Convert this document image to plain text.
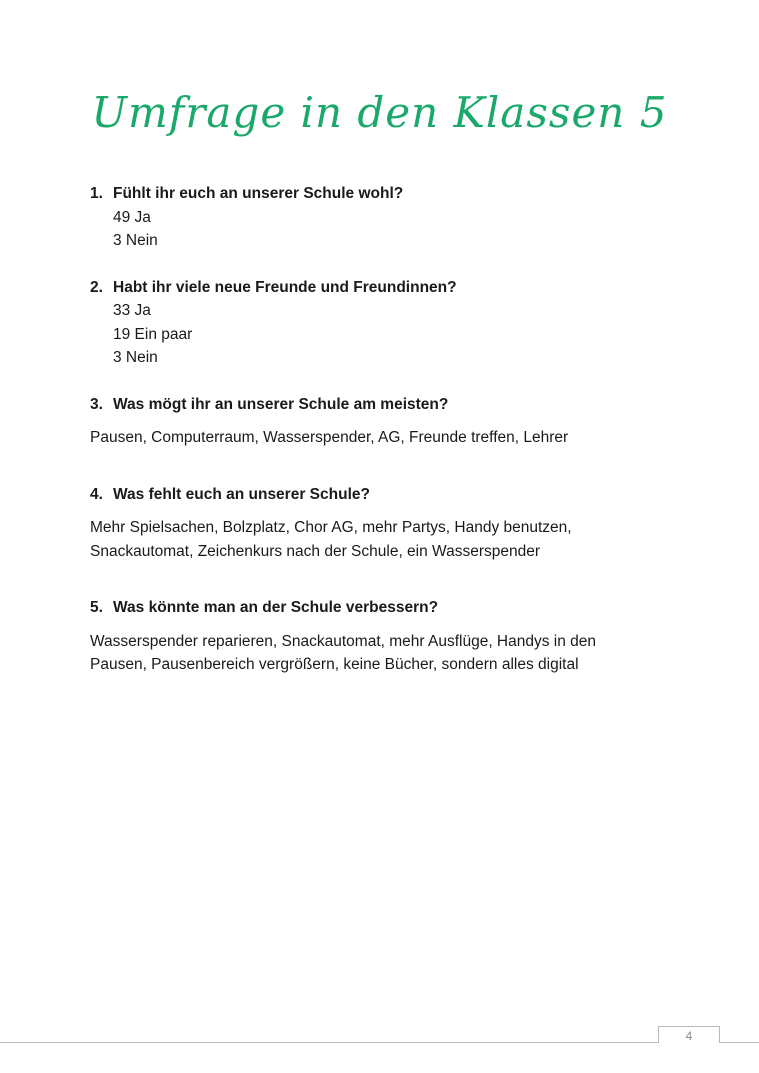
Umfrage in den Klassen 5

1. Fühlt ihr euch an unserer Schule wohl?

49 Ja
3 Nein

2. Habt ihr viele neue Freunde und Freundinnen?

33 Ja
19 Ein paar
3 Nein

3. Was mögt ihr an unserer Schule am meisten?

Pausen, Computerraum, Wasserspender, AG, Freunde treffen, Lehrer

4. Was fehlt euch an unserer Schule?

Mehr Spielsachen, Bolzplatz, Chor AG, mehr Partys, Handy benutzen,
Snackautomat, Zeichenkurs nach der Schule, ein Wasserspender

5. Was könnte man an der Schule verbessern?

Wasserspender reparieren, Snackautomat, mehr Ausflüge, Handys in den
Pausen, Pausenbereich vergrößern, keine Bücher, sondern alles digital

4
